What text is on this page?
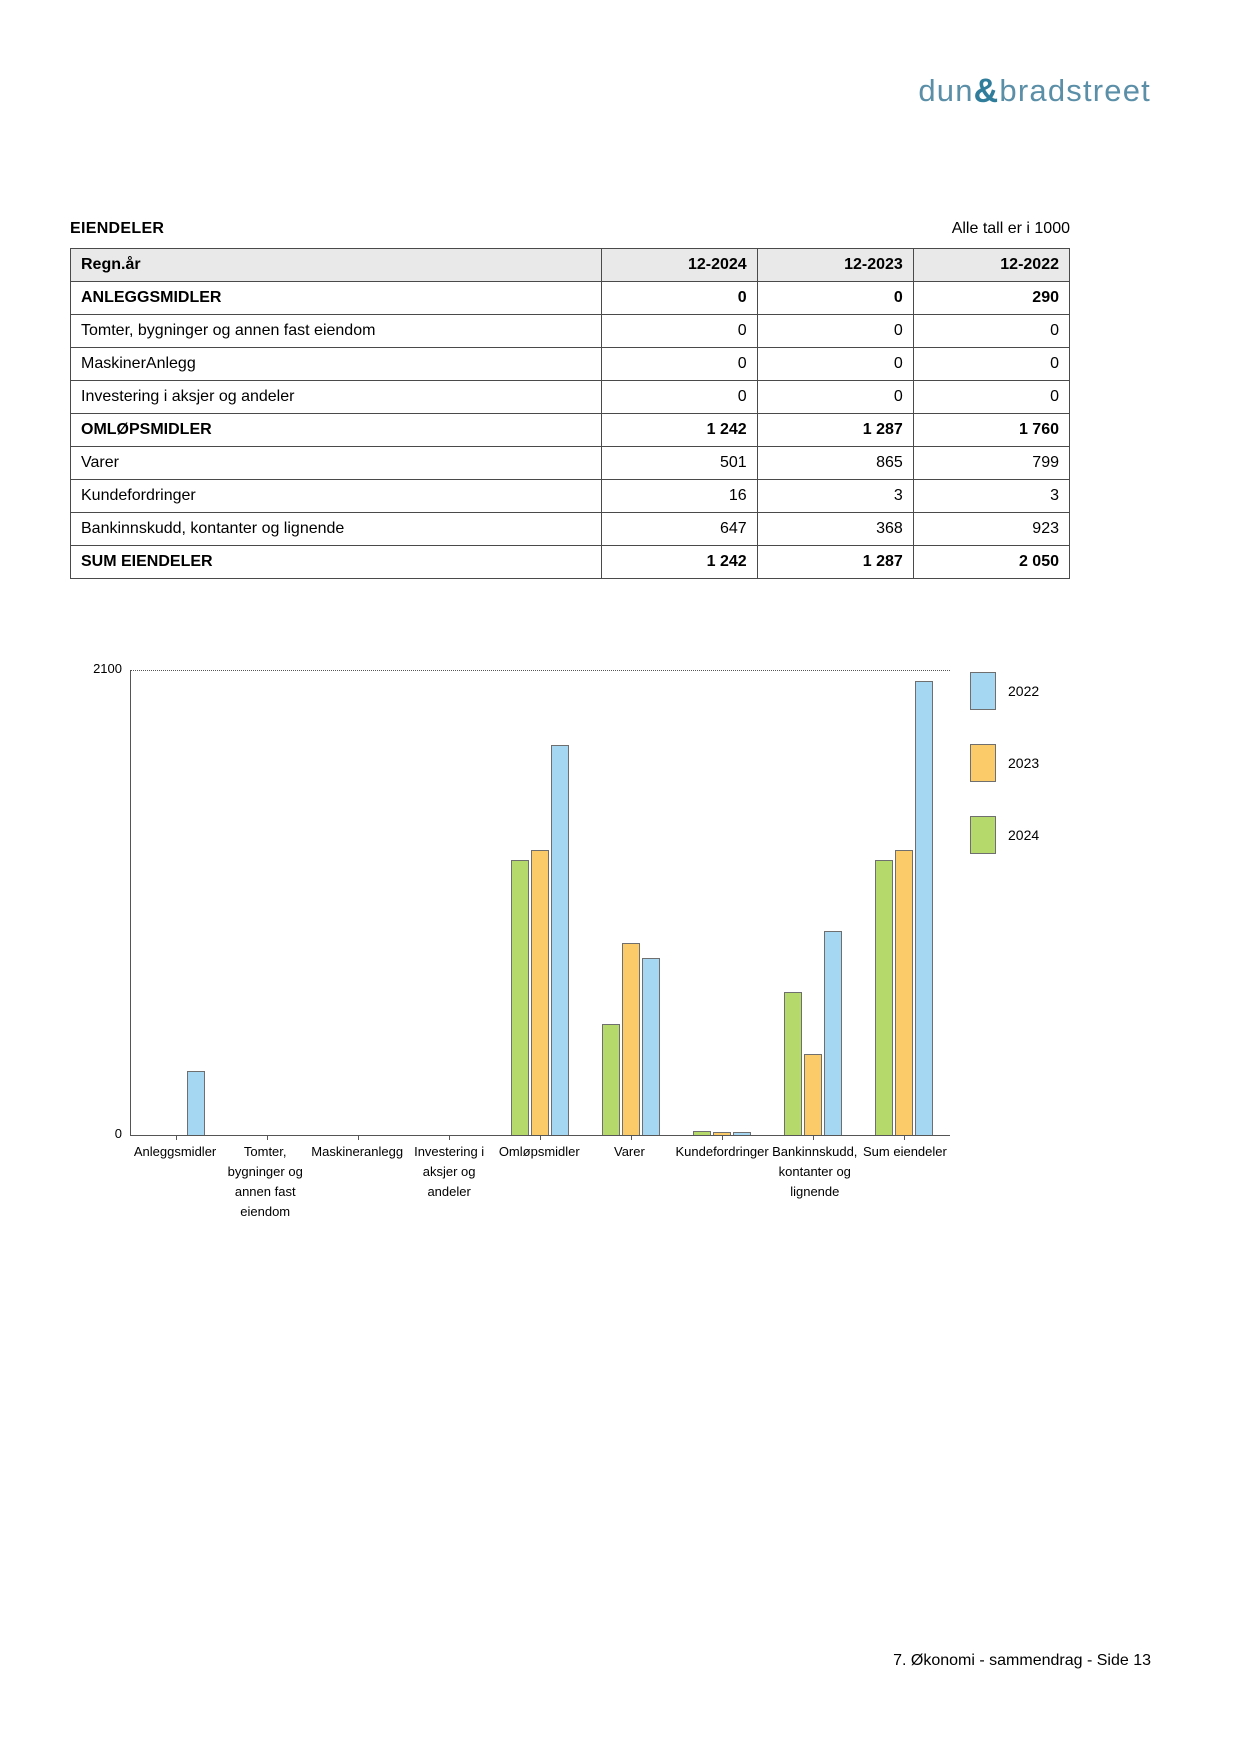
dun&bradstreet
EIENDELER	Alle tall er i 1000
Regn.år	12-2024	12-2023	12-2022
ANLEGGSMIDLER	0	0	290
Tomter, bygninger og annen fast eiendom	0	0	0
MaskinerAnlegg	0	0	0
Investering i aksjer og andeler	0	0	0
OMLØPSMIDLER	1 242	1 287	1 760
Varer	501	865	799
Kundefordringer	16	3	3
Bankinnskudd, kontanter og lignende	647	368	923
SUM EIENDELER	1 242	1 287	2 050
2100
0
Anleggsmidler	Tomter, bygninger og annen fast eiendom
Maskineranlegg Investering i aksjer og andeler
Omløpsmidler	Varer	Kundefordringer Bankinnskudd, kontanter og lignende
Sum eiendeler
2022
2023
2024
7. Økonomi - sammendrag - Side 13
